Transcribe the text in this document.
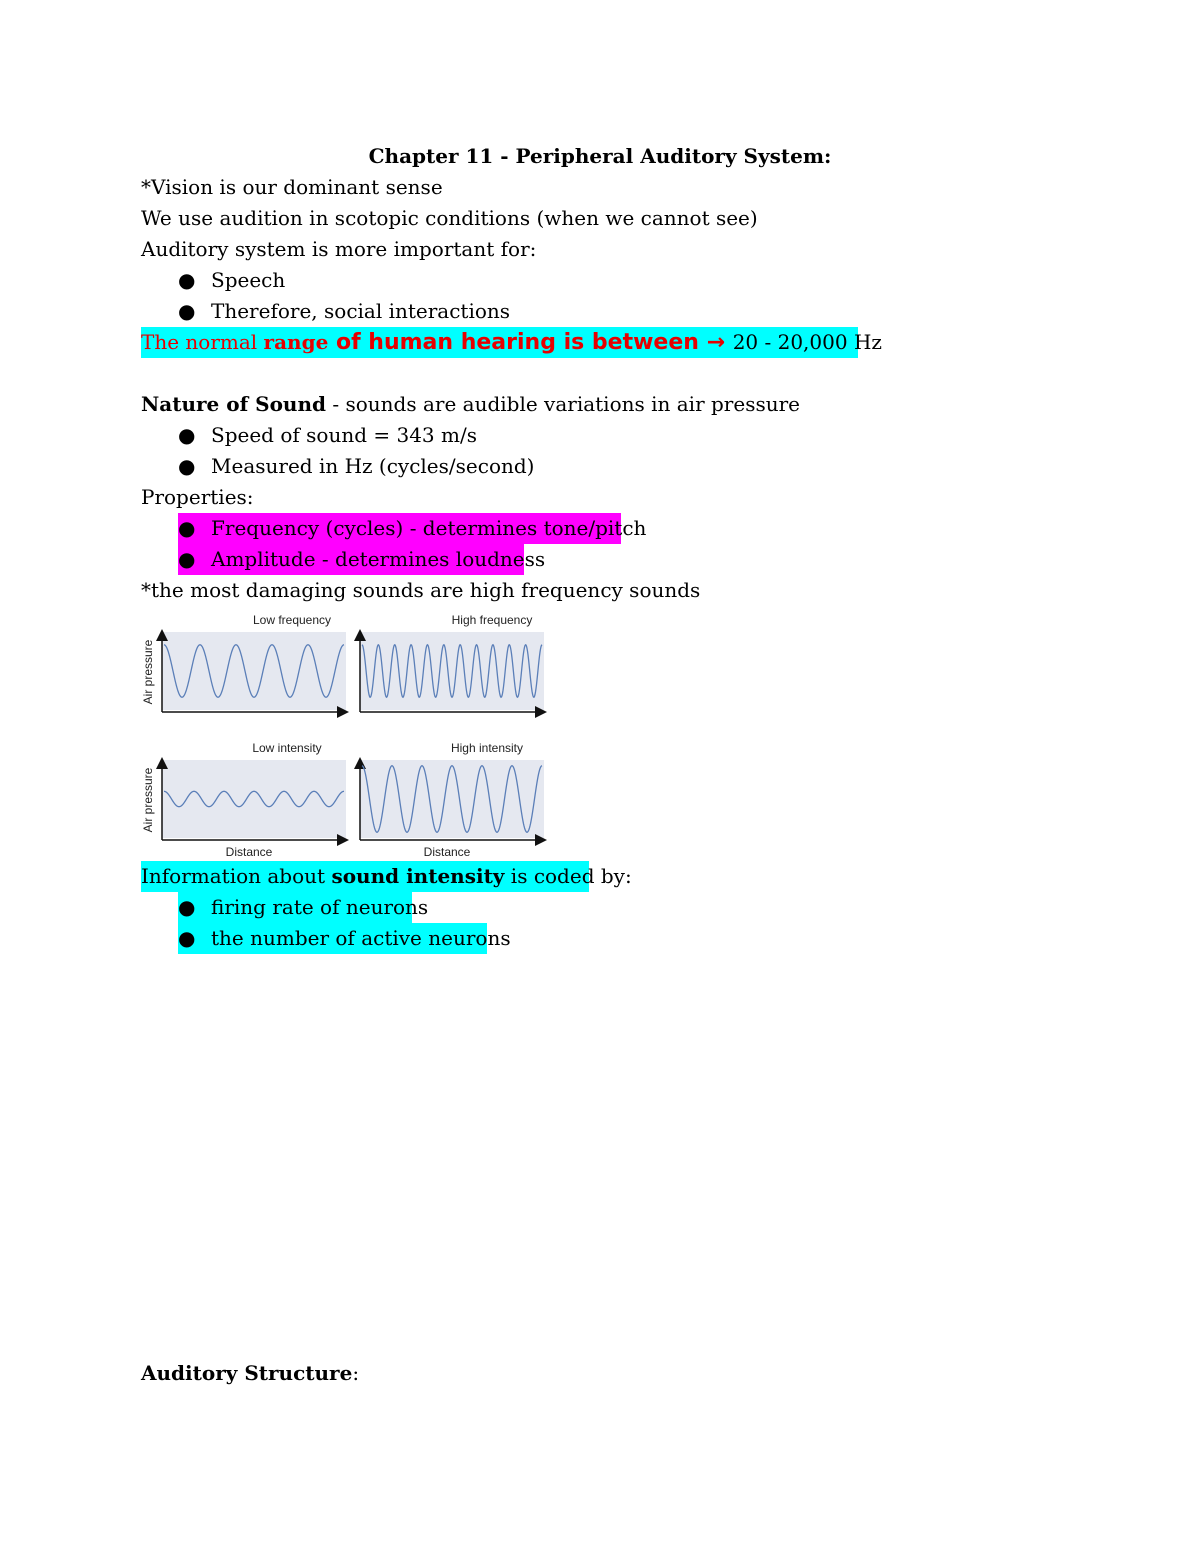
Chapter 11 - Peripheral Auditory System:
*Vision is our dominant sense
We use audition in scotopic conditions (when we cannot see)
Auditory system is more important for:
● Speech
● Therefore, social interactions
The normal range of human hearing is between → 20 - 20,000 Hz
Nature of Sound - sounds are audible variations in air pressure
● Speed of sound = 343 m/s
● Measured in Hz (cycles/second)
Properties:
● Frequency (cycles) - determines tone/pitch
● Amplitude - determines loudness
*the most damaging sounds are high frequency sounds
Low frequency	High frequency
Low intensity	High intensity
Air pressure
Air pressure
Distance	Distance
Information about sound intensity is coded by:
● firing rate of neurons
● the number of active neurons
Auditory Structure:
